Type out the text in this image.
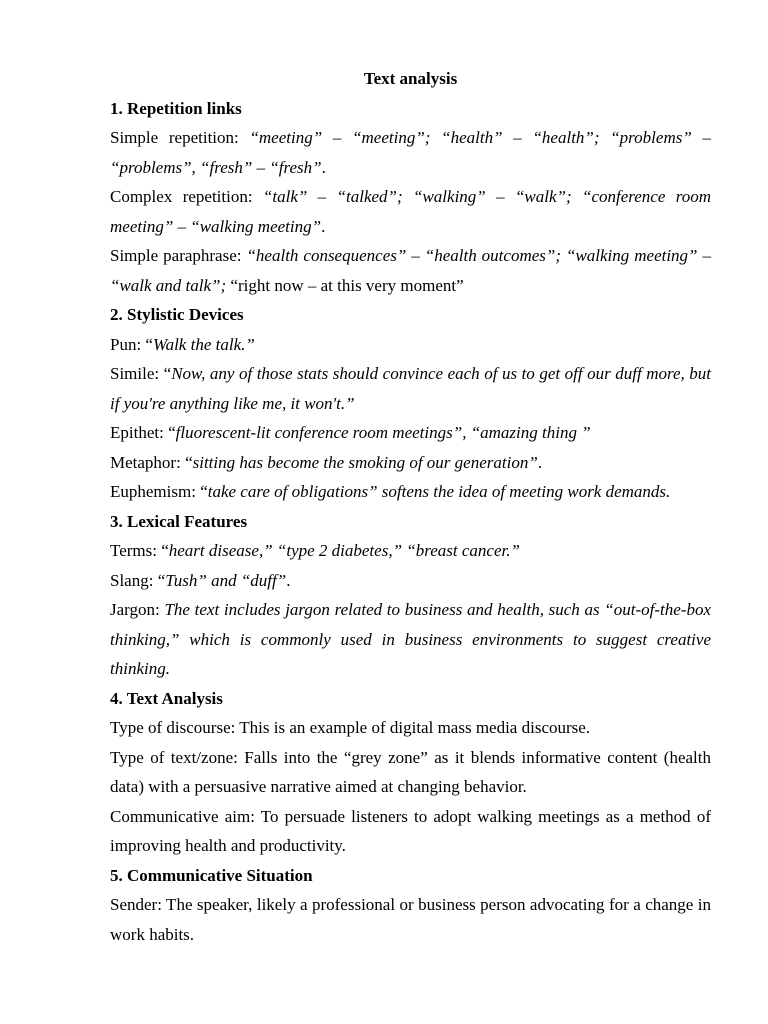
Text analysis

1. Repetition links

Simple repetition: “meeting” – “meeting”; “health” – “health”; “problems” – “problems”, “fresh” – “fresh”.

Complex repetition: “talk” – “talked”; “walking” – “walk”; “conference room meeting” – “walking meeting”.

Simple paraphrase: “health consequences” – “health outcomes”; “walking meeting” – “walk and talk”; “right now – at this very moment”

2. Stylistic Devices

Pun: “Walk the talk.”

Simile: “Now, any of those stats should convince each of us to get off our duff more, but if you're anything like me, it won't.”

Epithet: “fluorescent-lit conference room meetings”, “amazing thing ”

Metaphor: “sitting has become the smoking of our generation”.

Euphemism: “take care of obligations” softens the idea of meeting work demands.

3. Lexical Features

Terms: “heart disease,” “type 2 diabetes,” “breast cancer.”

Slang: “Tush” and “duff”.

Jargon: The text includes jargon related to business and health, such as “out-of-the-box thinking,” which is commonly used in business environments to suggest creative thinking.

4. Text Analysis

Type of discourse: This is an example of digital mass media discourse.

Type of text/zone: Falls into the “grey zone” as it blends informative content (health data) with a persuasive narrative aimed at changing behavior.

Communicative aim: To persuade listeners to adopt walking meetings as a method of improving health and productivity.

5. Communicative Situation

Sender: The speaker, likely a professional or business person advocating for a change in work habits.
